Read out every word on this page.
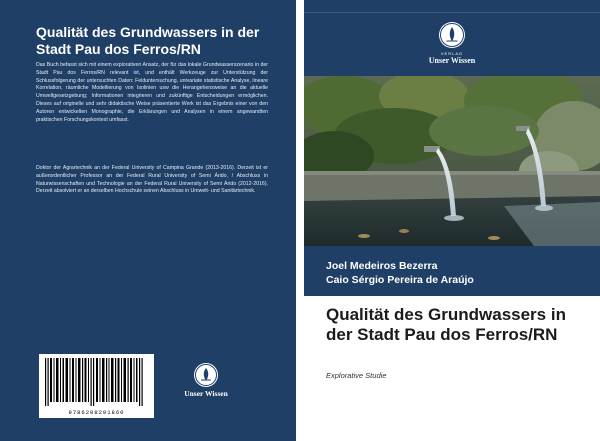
Qualität des Grundwassers in der Stadt Pau dos Ferros/RN
Das Buch befasst sich mit einem explorativen Ansatz, der für das lokale Grundwasserszenario in der Stadt Pau dos Ferros/RN relevant ist, und enthält Werkzeuge zur Unterstützung der Schlussfolgerung der untersuchten Daten: Felduntersuchung, univariate statistische Analyse, lineare Korrelation, räumliche Modellierung von Isolinien usw die Herangehensweise an die aktuelle Umweltgesetzgebung; Informationen integrieren und zukünftige Entscheidungen ermöglichen. Dieses auf originelle und sehr didaktische Weise präsentierte Werk ist das Ergebnis einer von den Autoren entwickelten Monographie, die Erklärungen und Analysen in einem angewandten praktischen Forschungskontext umfasst.
Doktor der Agrartechnik an der Federal University of Campina Grande (2013-2016). Derzeit ist er außerordentlicher Professor an der Federal Rural University of Semi Árido, / Abschluss in Naturwissenschaften und Technologie an der Federal Rural University of Semi Árido (2012-2016). Derzeit absolviert er an derselben Hochschule seinen Abschluss in Umwelt- und Sanitärtechnik.
9786208291860
Unser Wissen
VERLAG
Unser Wissen
Joel Medeiros Bezerra
Caio Sérgio Pereira de Araújo
Qualität des Grundwassers in der Stadt Pau dos Ferros/RN
Explorative Studie
